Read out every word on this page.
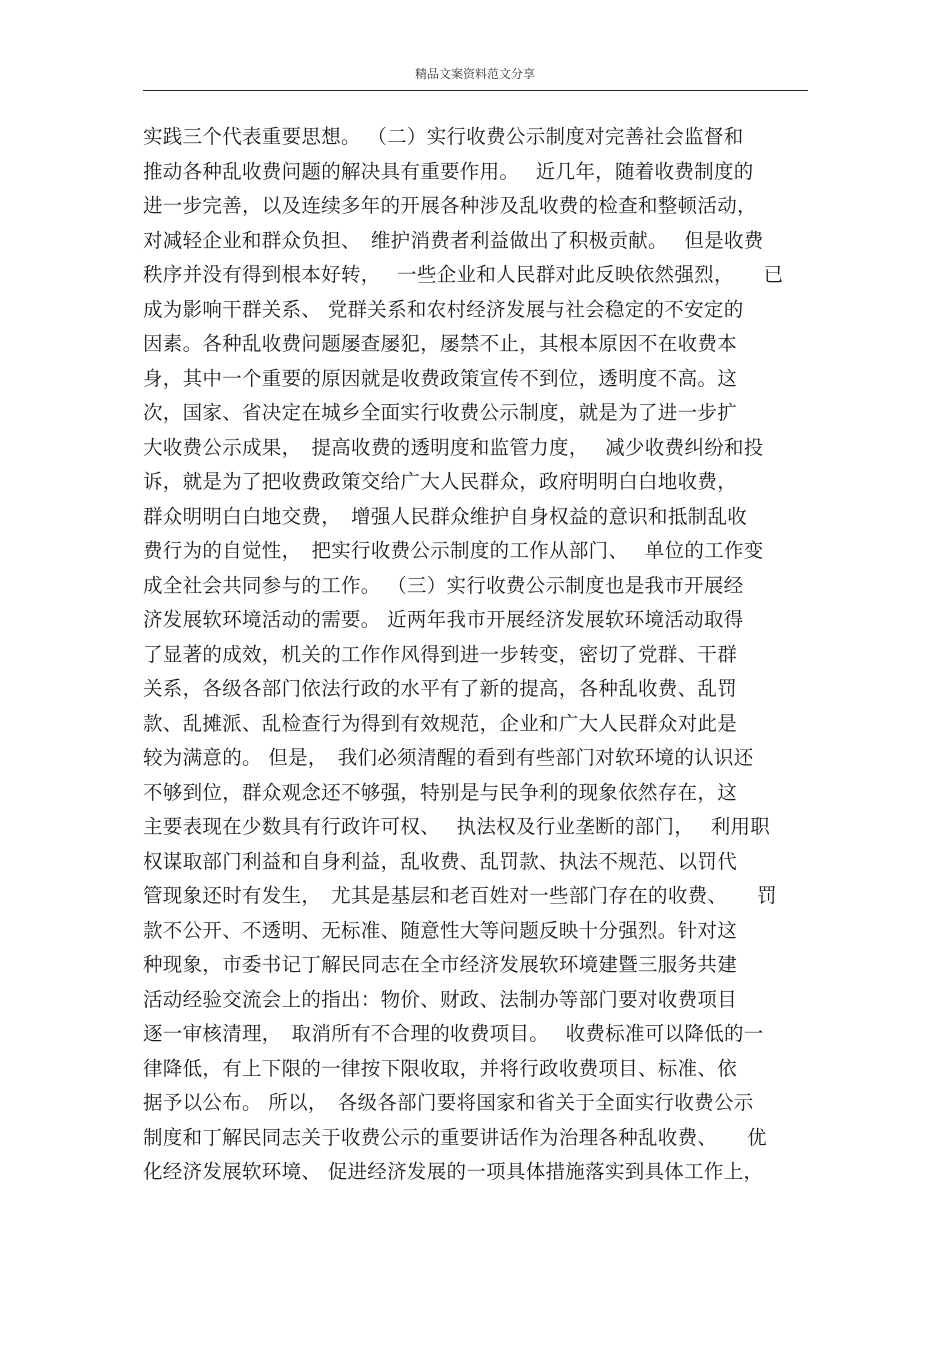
精品文案资料范文分享
实践三个代表重要思想。 （二）实行收费公示制度对完善社会监督和
推动各种乱收费问题的解决具有重要作用。　 近几年，随着收费制度的
进一步完善，以及连续多年的开展各种涉及乱收费的检查和整顿活动，
对减轻企业和群众负担、　维护消费者利益做出了积极贡献。　 但是收费
秩序并没有得到根本好转，　 一些企业和人民群对此反映依然强烈，　　已
成为影响干群关系、 党群关系和农村经济发展与社会稳定的不安定的
因素。各种乱收费问题屡查屡犯，屡禁不止，其根本原因不在收费本
身，其中一个重要的原因就是收费政策宣传不到位，透明度不高。这
次，国家、省决定在城乡全面实行收费公示制度，就是为了进一步扩
大收费公示成果，　提高收费的透明度和监管力度，　 减少收费纠纷和投
诉，就是为了把收费政策交给广大人民群众，政府明明白白地收费，
群众明明白白地交费，　增强人民群众维护自身权益的意识和抵制乱收
费行为的自觉性，　把实行收费公示制度的工作从部门、　 单位的工作变
成全社会共同参与的工作。 （三）实行收费公示制度也是我市开展经
济发展软环境活动的需要。 近两年我市开展经济发展软环境活动取得
了显著的成效，机关的工作作风得到进一步转变，密切了党群、干群
关系，各级各部门依法行政的水平有了新的提高，各种乱收费、乱罚
款、乱摊派、乱检查行为得到有效规范，企业和广大人民群众对此是
较为满意的。 但是，　我们必须清醒的看到有些部门对软环境的认识还
不够到位，群众观念还不够强，特别是与民争利的现象依然存在，这
主要表现在少数具有行政许可权、　 执法权及行业垄断的部门，　 利用职
权谋取部门利益和自身利益，乱收费、乱罚款、执法不规范、以罚代
管现象还时有发生，　尤其是基层和老百姓对一些部门存在的收费、　　罚
款不公开、不透明、无标准、随意性大等问题反映十分强烈。针对这
种现象，市委书记丁解民同志在全市经济发展软环境建暨三服务共建
活动经验交流会上的指出：物价、财政、法制办等部门要对收费项目
逐一审核清理，　取消所有不合理的收费项目。　 收费标准可以降低的一
律降低，有上下限的一律按下限收取，并将行政收费项目、标准、依
据予以公布。 所以，　各级各部门要将国家和省关于全面实行收费公示
制度和丁解民同志关于收费公示的重要讲话作为治理各种乱收费、　　优
化经济发展软环境、 促进经济发展的一项具体措施落实到具体工作上，
